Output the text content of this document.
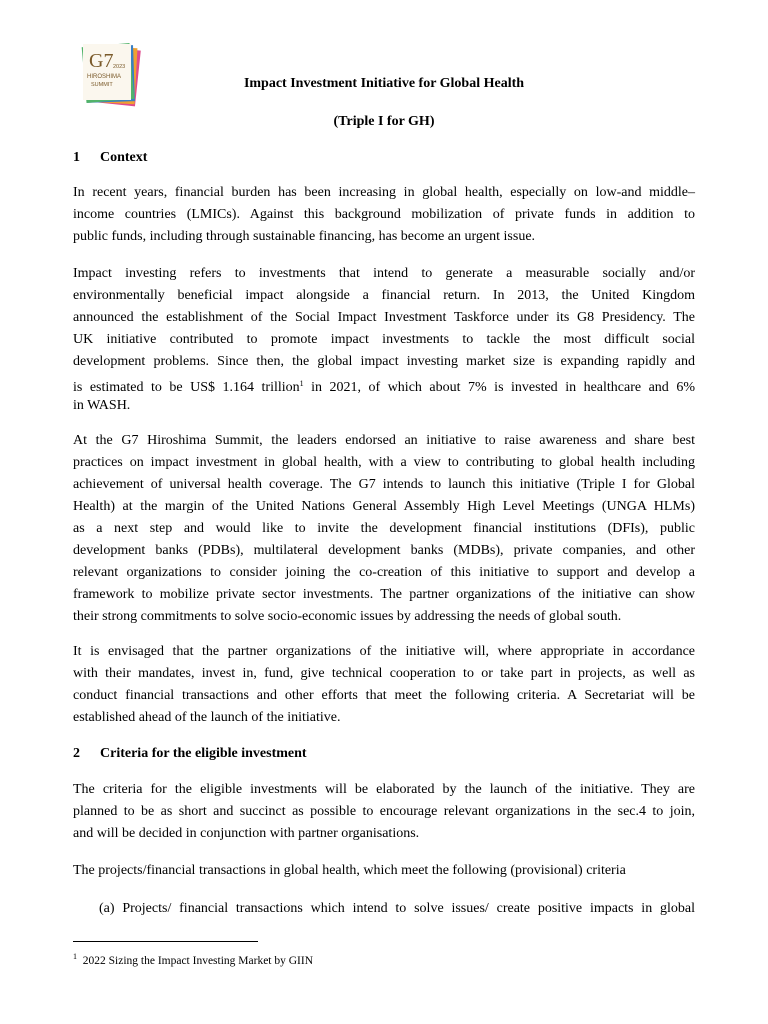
G7 2023
HIROSHIMA
SUMMIT	Impact Investment Initiative for Global Health
(Triple I for GH)
1 Context
In recent years, financial burden has been increasing in global health, especially on low-and middle–
income countries (LMICs). Against this background mobilization of private funds in addition to
public funds, including through sustainable financing, has become an urgent issue.
Impact investing refers to investments that intend to generate a measurable socially and/or
environmentally beneficial impact alongside a financial return. In 2013, the United Kingdom
announced the establishment of the Social Impact Investment Taskforce under its G8 Presidency. The
UK initiative contributed to promote impact investments to tackle the most difficult social
development problems. Since then, the global impact investing market size is expanding rapidly and
is estimated to be US$ 1.164 trillion$^1$ in 2021, of which about 7% is invested in healthcare and 6%
in WASH.
At the G7 Hiroshima Summit, the leaders endorsed an initiative to raise awareness and share best
practices on impact investment in global health, with a view to contributing to global health including
achievement of universal health coverage. The G7 intends to launch this initiative (Triple I for Global
Health) at the margin of the United Nations General Assembly High Level Meetings (UNGA HLMs)
as a next step and would like to invite the development financial institutions (DFIs), public
development banks (PDBs), multilateral development banks (MDBs), private companies, and other
relevant organizations to consider joining the co-creation of this initiative to support and develop a
framework to mobilize private sector investments. The partner organizations of the initiative can show
their strong commitments to solve socio-economic issues by addressing the needs of global south.
It is envisaged that the partner organizations of the initiative will, where appropriate in accordance
with their mandates, invest in, fund, give technical cooperation to or take part in projects, as well as
conduct financial transactions and other efforts that meet the following criteria. A Secretariat will be
established ahead of the launch of the initiative.
2 Criteria for the eligible investment
The criteria for the eligible investments will be elaborated by the launch of the initiative. They are
planned to be as short and succinct as possible to encourage relevant organizations in the sec.4 to join,
and will be decided in conjunction with partner organisations.
The projects/financial transactions in global health, which meet the following (provisional) criteria
(a) Projects/ financial transactions which intend to solve issues/ create positive impacts in global
$^1$ 2022 Sizing the Impact Investing Market by GIIN
